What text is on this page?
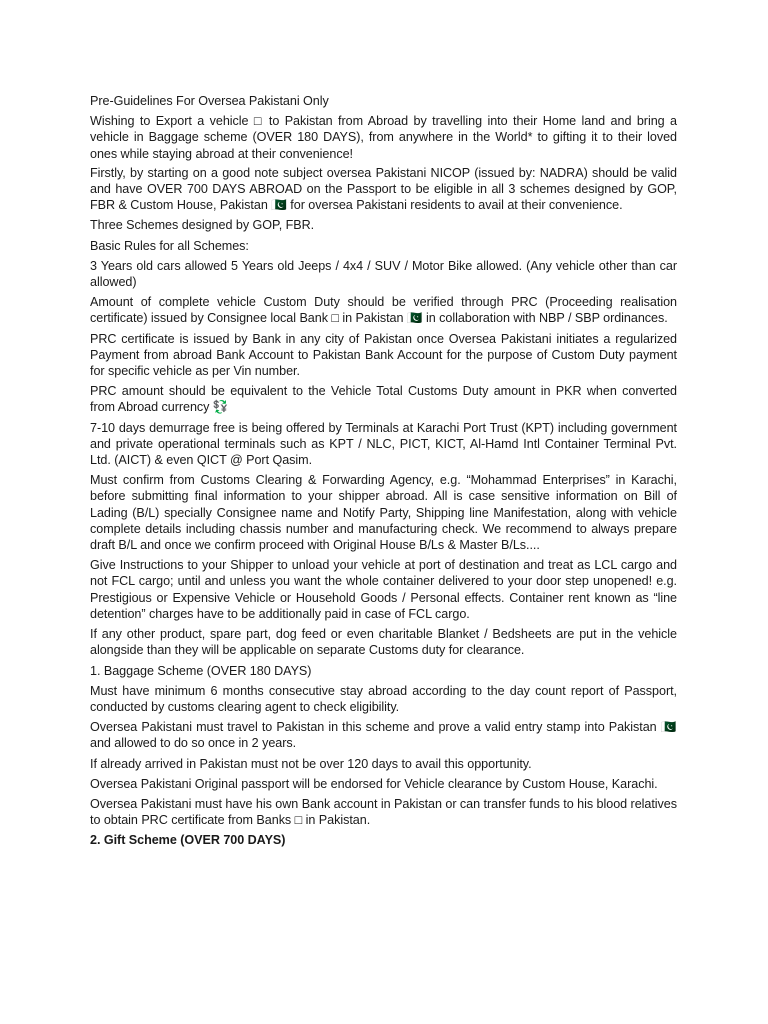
Pre-Guidelines For Oversea Pakistani Only

Wishing to Export a vehicle □ to Pakistan from Abroad by travelling into their Home land and bring a vehicle in Baggage scheme (OVER 180 DAYS), from anywhere in the World* to gifting it to their loved ones while staying abroad at their convenience!

Firstly, by starting on a good note subject oversea Pakistani NICOP (issued by: NADRA) should be valid and have OVER 700 DAYS ABROAD on the Passport to be eligible in all 3 schemes designed by GOP, FBR & Custom House, Pakistan 🇵🇰 for oversea Pakistani residents to avail at their convenience.

Three Schemes designed by GOP, FBR.

Basic Rules for all Schemes:

3 Years old cars allowed 5 Years old Jeeps / 4x4 / SUV / Motor Bike allowed. (Any vehicle other than car allowed)

Amount of complete vehicle Custom Duty should be verified through PRC (Proceeding realisation certificate) issued by Consignee local Bank □ in Pakistan 🇵🇰 in collaboration with NBP / SBP ordinances.

PRC certificate is issued by Bank in any city of Pakistan once Oversea Pakistani initiates a regularized Payment from abroad Bank Account to Pakistan Bank Account for the purpose of Custom Duty payment for specific vehicle as per Vin number.

PRC amount should be equivalent to the Vehicle Total Customs Duty amount in PKR when converted from Abroad currency 💱

7-10 days demurrage free is being offered by Terminals at Karachi Port Trust (KPT) including government and private operational terminals such as KPT / NLC, PICT, KICT, Al-Hamd Intl Container Terminal Pvt. Ltd. (AICT) & even QICT @ Port Qasim.

Must confirm from Customs Clearing & Forwarding Agency, e.g. “Mohammad Enterprises” in Karachi, before submitting final information to your shipper abroad. All is case sensitive information on Bill of Lading (B/L) specially Consignee name and Notify Party, Shipping line Manifestation, along with vehicle complete details including chassis number and manufacturing check. We recommend to always prepare draft B/L and once we confirm proceed with Original House B/Ls & Master B/Ls....

Give Instructions to your Shipper to unload your vehicle at port of destination and treat as LCL cargo and not FCL cargo; until and unless you want the whole container delivered to your door step unopened! e.g. Prestigious or Expensive Vehicle or Household Goods / Personal effects. Container rent known as “line detention” charges have to be additionally paid in case of FCL cargo.

If any other product, spare part, dog feed or even charitable Blanket / Bedsheets are put in the vehicle alongside than they will be applicable on separate Customs duty for clearance.

1. Baggage Scheme (OVER 180 DAYS)

Must have minimum 6 months consecutive stay abroad according to the day count report of Passport, conducted by customs clearing agent to check eligibility.

Oversea Pakistani must travel to Pakistan in this scheme and prove a valid entry stamp into Pakistan 🇵🇰 and allowed to do so once in 2 years.

If already arrived in Pakistan must not be over 120 days to avail this opportunity.

Oversea Pakistani Original passport will be endorsed for Vehicle clearance by Custom House, Karachi.

Oversea Pakistani must have his own Bank account in Pakistan or can transfer funds to his blood relatives to obtain PRC certificate from Banks □ in Pakistan.

2. Gift Scheme (OVER 700 DAYS)
